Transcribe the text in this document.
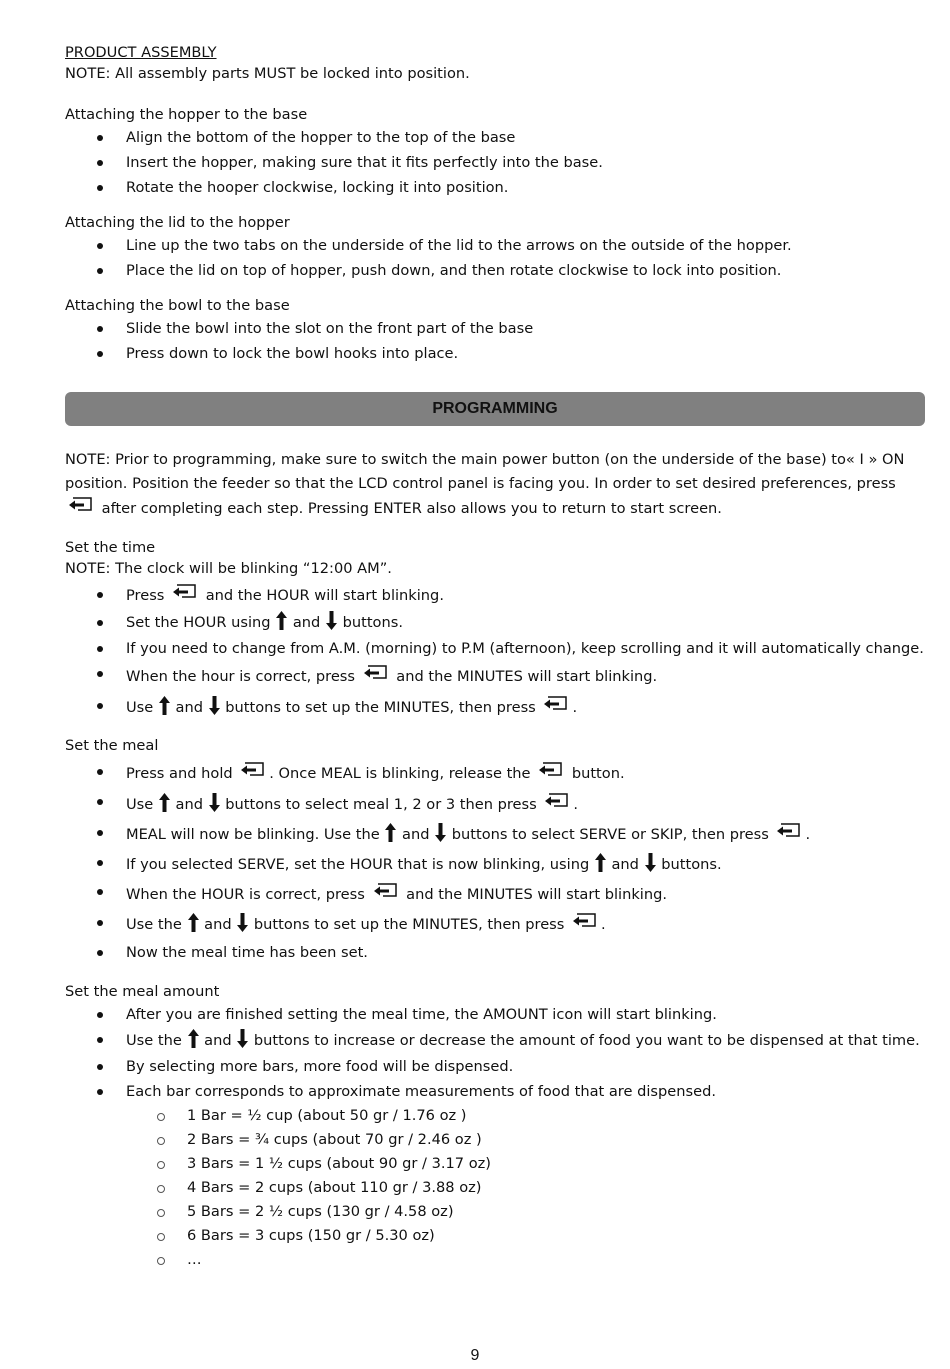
PRODUCT ASSEMBLY
NOTE: All assembly parts MUST be locked into position.
Attaching the hopper to the base
Align the bottom of the hopper to the top of the base
Insert the hopper, making sure that it fits perfectly into the base.
Rotate the hooper clockwise, locking it into position.
Attaching the lid to the hopper
Line up the two tabs on the underside of the lid to the arrows on the outside of the hopper.
Place the lid on top of hopper, push down, and then rotate clockwise to lock into position.
Attaching the bowl to the base
Slide the bowl into the slot on the front part of the base
Press down to lock the bowl hooks into place.
PROGRAMMING
NOTE: Prior to programming, make sure to switch the main power button (on the underside of the base) to« I » ON position. Position the feeder so that the LCD control panel is facing you. In order to set desired preferences, press  after completing each step. Pressing ENTER also allows you to return to start screen.
Set the time
NOTE: The clock will be blinking “12:00 AM”.
Press	and the HOUR will start blinking.
Set the HOUR using and buttons.
If you need to change from A.M. (morning) to P.M (afternoon), keep scrolling and it will automatically change.
When the hour is correct, press	and the MINUTES will start blinking.
Use and buttons to set up the MINUTES, then press	.
Set the meal
Press and hold	. Once MEAL is blinking, release the	button.
Use and buttons to select meal 1, 2 or 3 then press	.
MEAL will now be blinking. Use the and buttons to select SERVE or SKIP, then press	.
If you selected SERVE, set the HOUR that is now blinking, using and buttons.
When the HOUR is correct, press	and the MINUTES will start blinking.
Use the and buttons to set up the MINUTES, then press	.
Now the meal time has been set.
Set the meal amount
After you are finished setting the meal time, the AMOUNT icon will start blinking.
Use the and buttons to increase or decrease the amount of food you want to be dispensed at that time.
By selecting more bars, more food will be dispensed.
Each bar corresponds to approximate measurements of food that are dispensed.
1 Bar = ½ cup (about 50 gr / 1.76 oz )
2 Bars = ¾ cups (about 70 gr / 2.46 oz )
3 Bars = 1 ½ cups (about 90 gr / 3.17 oz)
4 Bars = 2 cups (about 110 gr / 3.88 oz)
5 Bars = 2 ½ cups (130 gr / 4.58 oz)
6 Bars = 3 cups (150 gr / 5.30 oz)
…
9
